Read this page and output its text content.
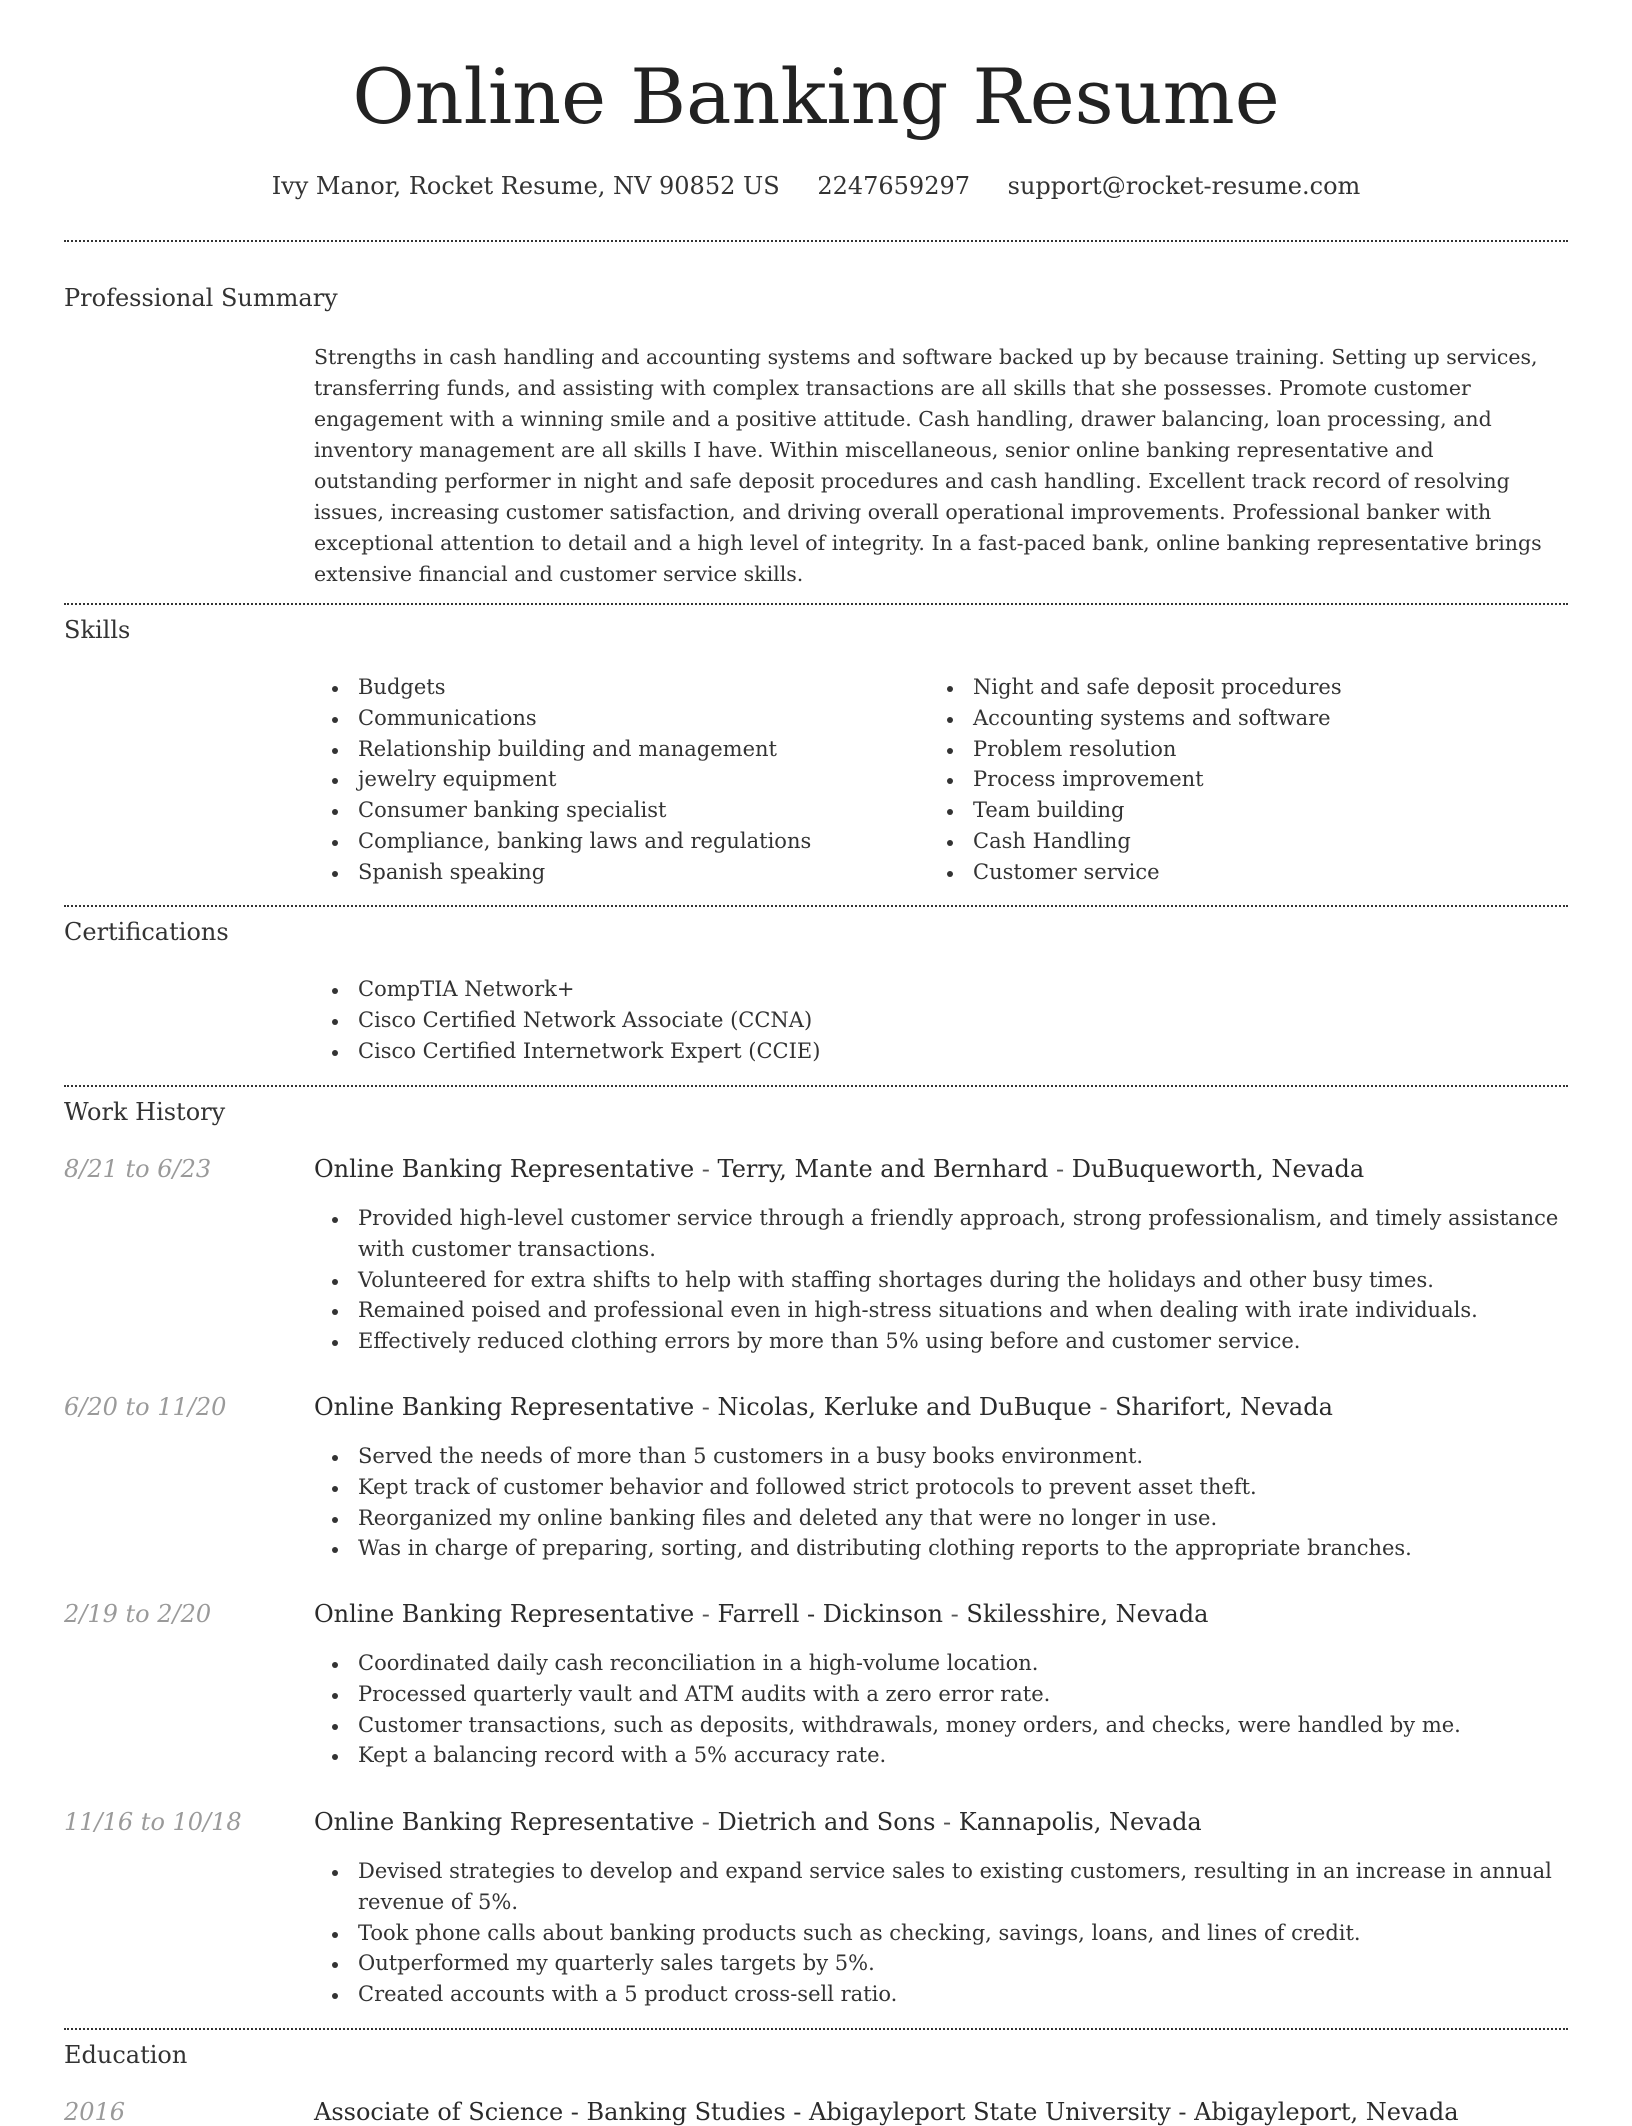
Online Banking Resume
Ivy Manor, Rocket Resume, NV 90852 US 2247659297 support@rocket-resume.com
Professional Summary
Strengths in cash handling and accounting systems and software backed up by because training. Setting up services, transferring funds, and assisting with complex transactions are all skills that she possesses. Promote customer engagement with a winning smile and a positive attitude. Cash handling, drawer balancing, loan processing, and inventory management are all skills I have. Within miscellaneous, senior online banking representative and outstanding performer in night and safe deposit procedures and cash handling. Excellent track record of resolving issues, increasing customer satisfaction, and driving overall operational improvements. Professional banker with exceptional attention to detail and a high level of integrity. In a fast-paced bank, online banking representative brings extensive financial and customer service skills.
Skills
Budgets
Communications
Relationship building and management
jewelry equipment
Consumer banking specialist
Compliance, banking laws and regulations
Spanish speaking
Night and safe deposit procedures
Accounting systems and software
Problem resolution
Process improvement
Team building
Cash Handling
Customer service
Certifications
CompTIA Network+
Cisco Certified Network Associate (CCNA)
Cisco Certified Internetwork Expert (CCIE)
Work History
8/21 to 6/23	Online Banking Representative - Terry, Mante and Bernhard - DuBuqueworth, Nevada
Provided high-level customer service through a friendly approach, strong professionalism, and timely assistance with customer transactions.
Volunteered for extra shifts to help with staffing shortages during the holidays and other busy times.
Remained poised and professional even in high-stress situations and when dealing with irate individuals.
Effectively reduced clothing errors by more than 5% using before and customer service.
6/20 to 11/20	Online Banking Representative - Nicolas, Kerluke and DuBuque - Sharifort, Nevada
Served the needs of more than 5 customers in a busy books environment.
Kept track of customer behavior and followed strict protocols to prevent asset theft.
Reorganized my online banking files and deleted any that were no longer in use.
Was in charge of preparing, sorting, and distributing clothing reports to the appropriate branches.
2/19 to 2/20	Online Banking Representative - Farrell - Dickinson - Skilesshire, Nevada
Coordinated daily cash reconciliation in a high-volume location.
Processed quarterly vault and ATM audits with a zero error rate.
Customer transactions, such as deposits, withdrawals, money orders, and checks, were handled by me.
Kept a balancing record with a 5% accuracy rate.
11/16 to 10/18	Online Banking Representative - Dietrich and Sons - Kannapolis, Nevada
Devised strategies to develop and expand service sales to existing customers, resulting in an increase in annual revenue of 5%.
Took phone calls about banking products such as checking, savings, loans, and lines of credit.
Outperformed my quarterly sales targets by 5%.
Created accounts with a 5 product cross-sell ratio.
Education
2016	Associate of Science - Banking Studies - Abigayleport State University - Abigayleport, Nevada
